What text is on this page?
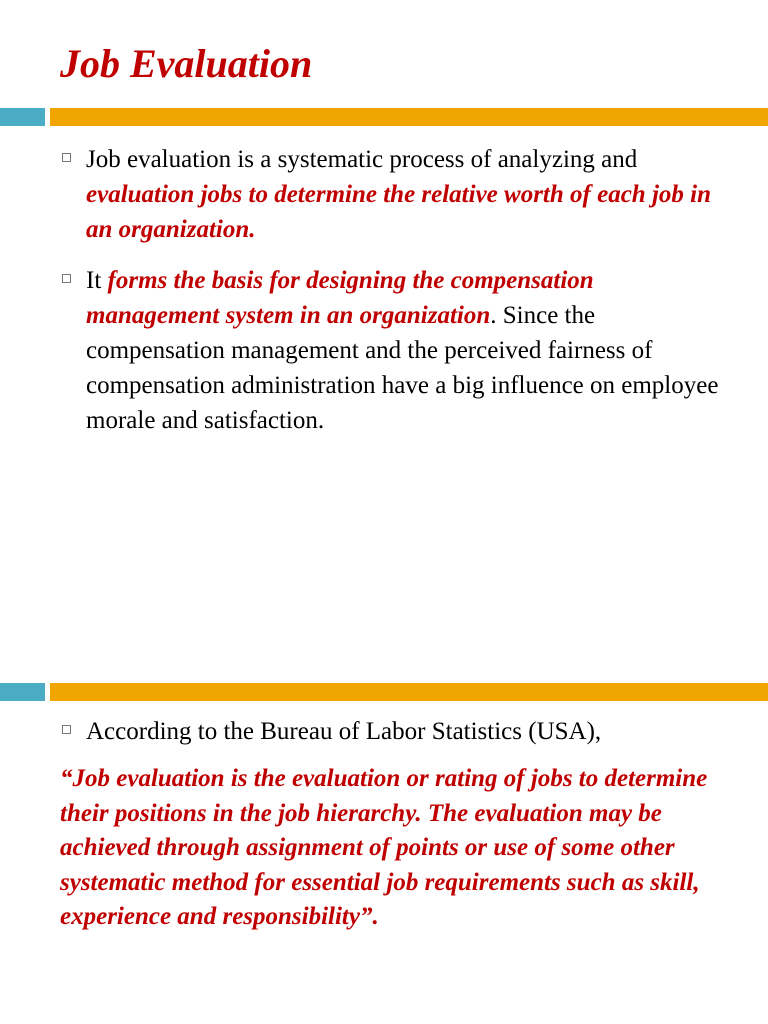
Job Evaluation
Job evaluation is a systematic process of analyzing and evaluation jobs to determine the relative worth of each job in an organization.
It forms the basis for designing the compensation management system in an organization. Since the compensation management and the perceived fairness of compensation administration have a big influence on employee morale and satisfaction.
According to the Bureau of Labor Statistics (USA),

“Job evaluation is the evaluation or rating of jobs to determine their positions in the job hierarchy. The evaluation may be achieved through assignment of points or use of some other systematic method for essential job requirements such as skill, experience and responsibility”.
